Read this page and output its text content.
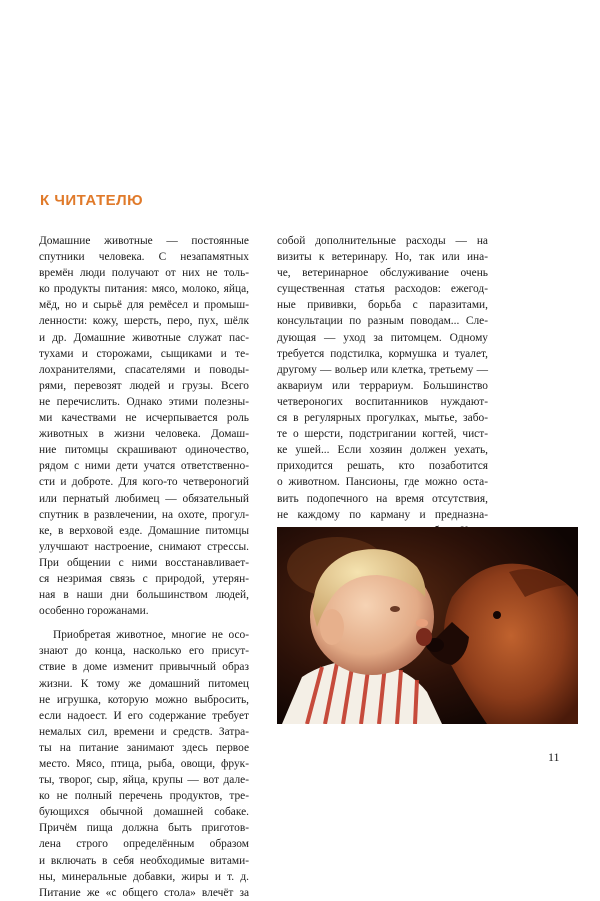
К ЧИТАТЕЛЮ
Домашние животные — постоянные
спутники человека. С незапамятных
времён люди получают от них не толь-
ко продукты питания: мясо, молоко, яйца,
мёд, но и сырьё для ремёсел и промыш-
ленности: кожу, шерсть, перо, пух, шёлк
и др. Домашние животные служат пас-
тухами и сторожами, сыщиками и те-
лохранителями, спасателями и поводы-
рями, перевозят людей и грузы. Всего
не перечислить. Однако этими полезны-
ми качествами не исчерпывается роль
животных в жизни человека. Домаш-
ние питомцы скрашивают одиночество,
рядом с ними дети учатся ответственно-
сти и доброте. Для кого-то четвероногий
или пернатый любимец — обязательный
спутник в развлечении, на охоте, прогул-
ке, в верховой езде. Домашние питомцы
улучшают настроение, снимают стрессы.
При общении с ними восстанавливает-
ся незримая связь с природой, утерян-
ная в наши дни большинством людей,
особенно горожанами.
Приобретая животное, многие не осо-
знают до конца, насколько его присут-
ствие в доме изменит привычный образ
жизни. К тому же домашний питомец
не игрушка, которую можно выбросить,
если надоест. И его содержание требует
немалых сил, времени и средств. Затра-
ты на питание занимают здесь первое
место. Мясо, птица, рыба, овощи, фрук-
ты, творог, сыр, яйца, крупы — вот дале-
ко не полный перечень продуктов, тре-
бующихся обычной домашней собаке.
Причём пища должна быть приготов-
лена строго определённым образом
и включать в себя необходимые витами-
ны, минеральные добавки, жиры и т. д.
Питание же «с общего стола» влечёт за
собой дополнительные расходы — на
визиты к ветеринару. Но, так или ина-
че, ветеринарное обслуживание очень
существенная статья расходов: ежегод-
ные прививки, борьба с паразитами,
консультации по разным поводам... Сле-
дующая — уход за питомцем. Одному
требуется подстилка, кормушка и туалет,
другому — вольер или клетка, третьему —
аквариум или террариум. Большинство
четвероногих воспитанников нуждают-
ся в регулярных прогулках, мытье, забо-
те о шерсти, подстригании когтей, чист-
ке ушей... Если хозяин должен уехать,
приходится решать, кто позаботится
о животном. Пансионы, где можно оста-
вить подопечного на время отсутствия,
не каждому по карману и предназна-
11
